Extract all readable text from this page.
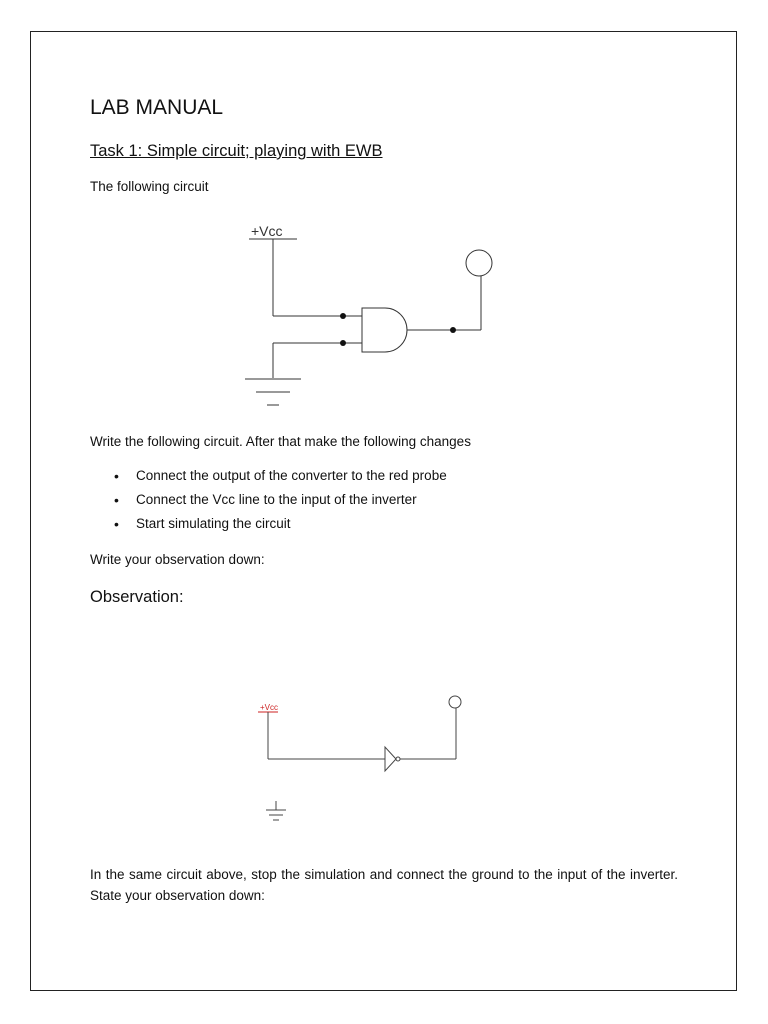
LAB MANUAL
Task 1: Simple circuit; playing with EWB
The following circuit
+Vcc
Write the following circuit. After that make the following changes
• Connect the output of the converter to the red probe
• Connect the Vcc line to the input of the inverter
• Start simulating the circuit
Write your observation down:
Observation:
+Vcc
In the same circuit above, stop the simulation and connect the ground to the input of the inverter. State your observation down:
